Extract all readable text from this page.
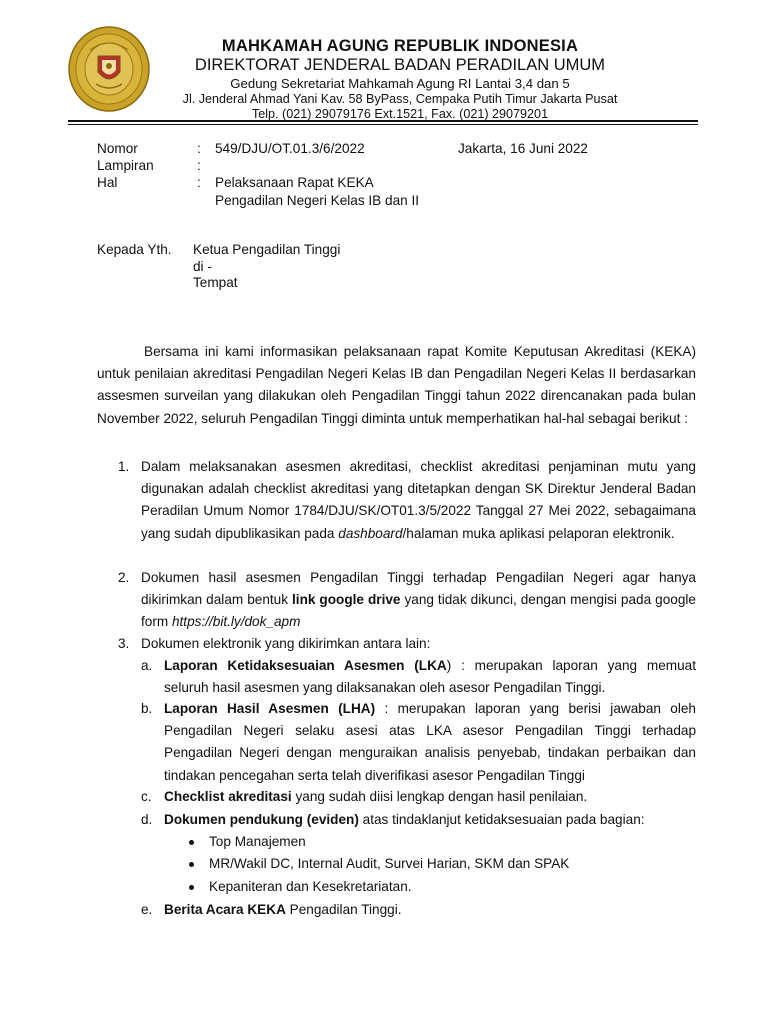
MAHKAMAH AGUNG REPUBLIK INDONESIA
DIREKTORAT JENDERAL BADAN PERADILAN UMUM
Gedung Sekretariat Mahkamah Agung RI Lantai 3,4 dan 5
Jl. Jenderal Ahmad Yani Kav. 58 ByPass, Cempaka Putih Timur Jakarta Pusat
Telp. (021) 29079176 Ext.1521, Fax. (021) 29079201
Nomor	: 549/DJU/OT.01.3/6/2022	Jakarta, 16 Juni 2022
Lampiran	:
Hal	: Pelaksanaan Rapat KEKA
Pengadilan Negeri Kelas IB dan II
Kepada Yth. Ketua Pengadilan Tinggi
di -
Tempat
Bersama ini kami informasikan pelaksanaan rapat Komite Keputusan Akreditasi (KEKA) untuk penilaian akreditasi Pengadilan Negeri Kelas IB dan Pengadilan Negeri Kelas II berdasarkan assesmen surveilan yang dilakukan oleh Pengadilan Tinggi tahun 2022 direncanakan pada bulan November 2022, seluruh Pengadilan Tinggi diminta untuk memperhatikan hal-hal sebagai berikut :
1. Dalam melaksanakan asesmen akreditasi, checklist akreditasi penjaminan mutu yang digunakan adalah checklist akreditasi yang ditetapkan dengan SK Direktur Jenderal Badan Peradilan Umum Nomor 1784/DJU/SK/OT01.3/5/2022 Tanggal 27 Mei 2022, sebagaimana yang sudah dipublikasikan pada dashboard/halaman muka aplikasi pelaporan elektronik.
2. Dokumen hasil asesmen Pengadilan Tinggi terhadap Pengadilan Negeri agar hanya dikirimkan dalam bentuk link google drive yang tidak dikunci, dengan mengisi pada google form https://bit.ly/dok_apm
3. Dokumen elektronik yang dikirimkan antara lain:
a. Laporan Ketidaksesuaian Asesmen (LKA) : merupakan laporan yang memuat seluruh hasil asesmen yang dilaksanakan oleh asesor Pengadilan Tinggi.
b. Laporan Hasil Asesmen (LHA) : merupakan laporan yang berisi jawaban oleh Pengadilan Negeri selaku asesi atas LKA asesor Pengadilan Tinggi terhadap Pengadilan Negeri dengan menguraikan analisis penyebab, tindakan perbaikan dan tindakan pencegahan serta telah diverifikasi asesor Pengadilan Tinggi
c. Checklist akreditasi yang sudah diisi lengkap dengan hasil penilaian.
d. Dokumen pendukung (eviden) atas tindaklanjut ketidaksesuaian pada bagian:
Top Manajemen
MR/Wakil DC, Internal Audit, Survei Harian, SKM dan SPAK
Kepaniteran dan Kesekretariatan.
e. Berita Acara KEKA Pengadilan Tinggi.
